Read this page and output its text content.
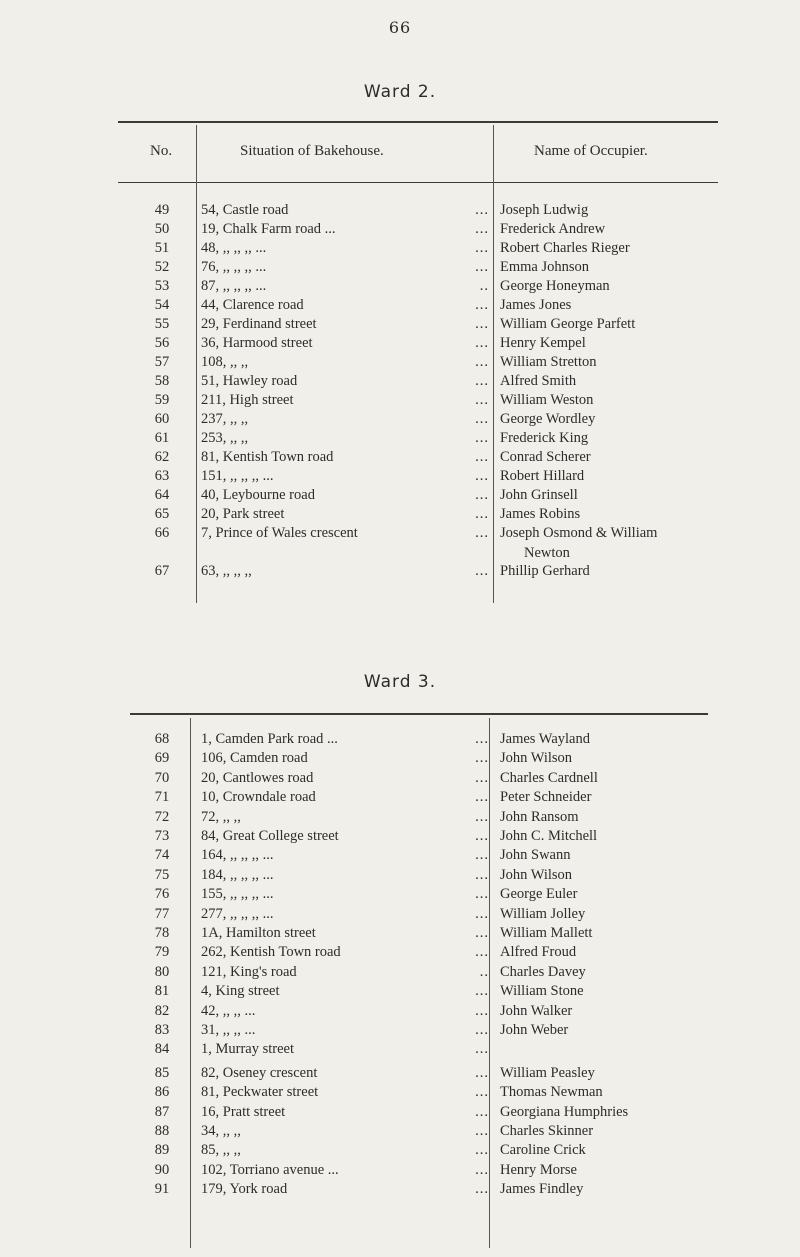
66
Ward 2.
No.	Situation of Bakehouse.	Name of Occupier.
49	54, Castle road	... Joseph Ludwig
50	19, Chalk Farm road ...	... Frederick Andrew
51	48, ,, ,, ,, ...	... Robert Charles Rieger
52	76, ,, ,, ,, ...	... Emma Johnson
53	87, ,, ,, ,, ...	.. George Honeyman
54	44, Clarence road	... James Jones
55	29, Ferdinand street	... William George Parfett
56	36, Harmood street	... Henry Kempel
57	108, ,, ,,	... William Stretton
58	51, Hawley road	... Alfred Smith
59	211, High street	... William Weston
60	237, ,, ,,	... George Wordley
61	253, ,, ,,	... Frederick King
62	81, Kentish Town road	... Conrad Scherer
63	151, ,, ,, ,, ...	... Robert Hillard
64	40, Leybourne road	... John Grinsell
65	20, Park street	... James Robins
66	7, Prince of Wales crescent	... Joseph Osmond & William
Newton
67	63, ,, ,, ,,	... Phillip Gerhard
Ward 3.
68	1, Camden Park road ...	... James Wayland
69	106, Camden road	... John Wilson
70	20, Cantlowes road	... Charles Cardnell
71	10, Crowndale road	... Peter Schneider
72	72, ,, ,,	... John Ransom
73	84, Great College street	... John C. Mitchell
74	164, ,, ,, ,, ...	... John Swann
75	184, ,, ,, ,, ...	... John Wilson
76	155, ,, ,, ,, ...	... George Euler
77	277, ,, ,, ,, ...	... William Jolley
78	1A, Hamilton street	... William Mallett
79	262, Kentish Town road	... Alfred Froud
80	121, King's road	.. Charles Davey
81	4, King street	... William Stone
82	42, ,, ,, ...	... John Walker
83	31, ,, ,, ...	... John Weber
84	1, Murray street	...
85	82, Oseney crescent	... William Peasley
86	81, Peckwater street	... Thomas Newman
87	16, Pratt street	... Georgiana Humphries
88	34, ,, ,,	... Charles Skinner
89	85, ,, ,,	... Caroline Crick
90	102, Torriano avenue ...	... Henry Morse
91	179, York road	... James Findley
